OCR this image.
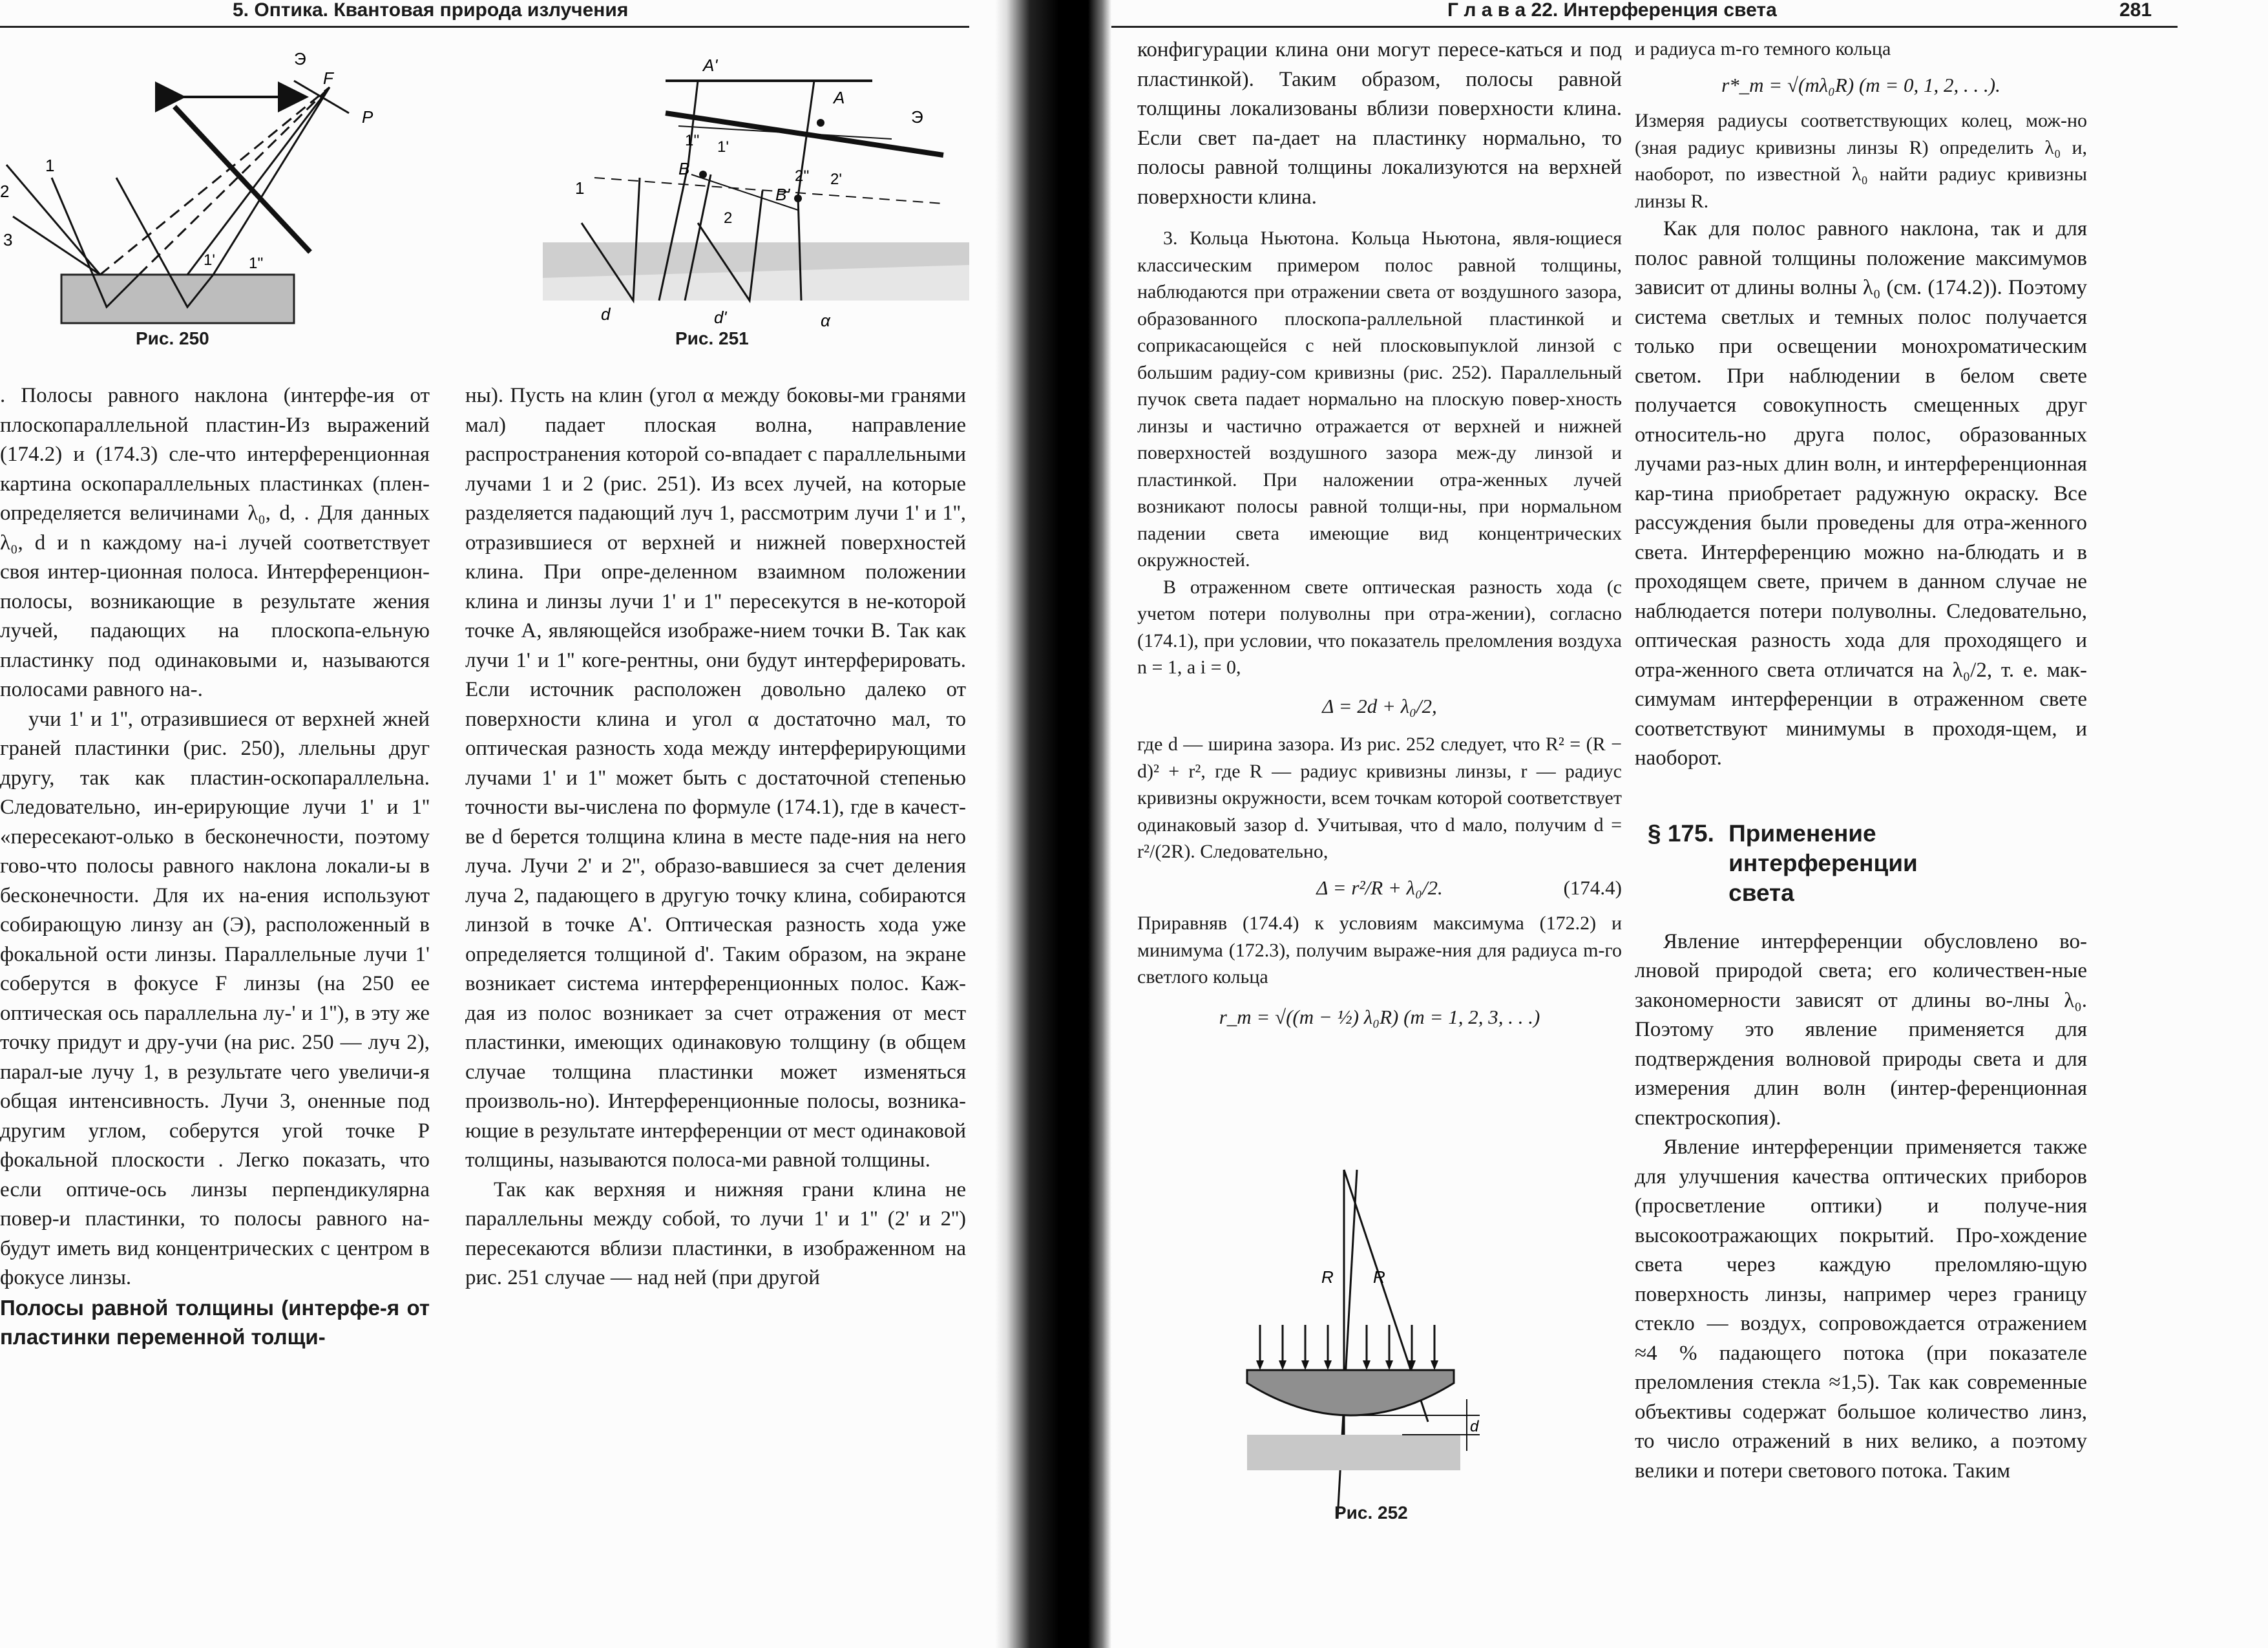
5. Оптика. Квантовая природа излучения
Э
F
P
1
2
3
1' 1''
Рис. 250
A'
A
Э
B
B'
1
1'' 1'
2
2'' 2'
d	d'	α
Рис. 251

. Полосы равного наклона (интерфе-ия от плоскопараллельной пластин-Из выражений (174.2) и (174.3) сле-что интерференционная картина оскопараллельных пластинках (плен-определяется величинами λ₀, d, . Для данных λ₀, d и n каждому на-i лучей соответствует своя интер-ционная полоса. Интерференцион-полосы, возникающие в результате жения лучей, падающих на плоскопа-ельную пластинку под одинаковыми и, называются полосами равного на-.

учи 1' и 1'', отразившиеся от верхней жней граней пластинки (рис. 250), ллельны друг другу, так как пластин-оскопараллельна. Следовательно, ин-ерирующие лучи 1' и 1'' «пересекают-олько в бесконечности, поэтому гово-что полосы равного наклона локали-ы в бесконечности. Для их на-ения используют собирающую линзу ан (Э), расположенный в фокальной ости линзы. Параллельные лучи 1' соберутся в фокусе F линзы (на 250 ее оптическая ось параллельна лу-' и 1''), в эту же точку придут и дру-учи (на рис. 250 — луч 2), парал-ые лучу 1, в результате чего увеличи-я общая интенсивность. Лучи 3, оненные под другим углом, соберутся угой точке P фокальной плоскости . Легко показать, что если оптиче-ось линзы перпендикулярна повер-и пластинки, то полосы равного на-будут иметь вид концентрических с центром в фокусе линзы.

Полосы равной толщины (интерфе-я от пластинки переменной толщи-

ны). Пусть на клин (угол α между боковы-ми гранями мал) падает плоская волна, направление распространения которой со-впадает с параллельными лучами 1 и 2 (рис. 251). Из всех лучей, на которые разделяется падающий луч 1, рассмотрим лучи 1' и 1'', отразившиеся от верхней и нижней поверхностей клина. При опре-деленном взаимном положении клина и линзы лучи 1' и 1'' пересекутся в не-которой точке A, являющейся изображе-нием точки B. Так как лучи 1' и 1'' коге-рентны, они будут интерферировать. Если источник расположен довольно далеко от поверхности клина и угол α достаточно мал, то оптическая разность хода между интерферирующими лучами 1' и 1'' может быть с достаточной степенью точности вы-числена по формуле (174.1), где в качест-ве d берется толщина клина в месте паде-ния на него луча. Лучи 2' и 2'', образо-вавшиеся за счет деления луча 2, падающего в другую точку клина, собираются линзой в точке A'. Оптическая разность хода уже определяется толщиной d'. Таким образом, на экране возникает система интерференционных полос. Каж-дая из полос возникает за счет отражения от мест пластинки, имеющих одинаковую толщину (в общем случае толщина пластинки может изменяться произволь-но). Интерференционные полосы, возника-ющие в результате интерференции от мест одинаковой толщины, называются полоса-ми равной толщины.

Так как верхняя и нижняя грани клина не параллельны между собой, то лучи 1' и 1'' (2' и 2'') пересекаются вблизи пластинки, в изображенном на рис. 251 случае — над ней (при другой

Г л а в а 22. Интерференция света	281

конфигурации клина они могут пересе-каться и под пластинкой). Таким образом, полосы равной толщины локализованы вблизи поверхности клина. Если свет па-дает на пластинку нормально, то полосы равной толщины локализуются на верхней поверхности клина.

3. Кольца Ньютона. Кольца Ньютона, явля-ющиеся классическим примером полос равной толщины, наблюдаются при отражении света от воздушного зазора, образованного плоскопа-раллельной пластинкой и соприкасающейся с ней плосковыпуклой линзой с большим радиу-сом кривизны (рис. 252). Параллельный пучок света падает нормально на плоскую повер-хность линзы и частично отражается от верхней и нижней поверхностей воздушного зазора меж-ду линзой и пластинкой. При наложении отра-женных лучей возникают полосы равной толщи-ны, при нормальном падении света имеющие вид концентрических окружностей.

В отраженном свете оптическая разность хода (с учетом потери полуволны при отра-жении), согласно (174.1), при условии, что показатель преломления воздуха n = 1, а i = 0,

Δ = 2d + λ₀/2,

где d — ширина зазора. Из рис. 252 следует, что R² = (R − d)² + r², где R — радиус кривизны линзы, r — радиус кривизны окружности, всем точкам которой соответствует одинаковый зазор d. Учитывая, что d мало, получим d = r²/(2R). Следовательно,

Δ = r²/R + λ₀/2.	(174.4)

Приравняв (174.4) к условиям максимума (172.2) и минимума (172.3), получим выраже-ния для радиуса m-го светлого кольца

r_m = √((m − ½) λ₀R) (m = 1, 2, 3, . . .)
R R
d
Рис. 252

и радиуса m-го темного кольца

r*_m = √(mλ₀R) (m = 0, 1, 2, . . .).

Измеряя радиусы соответствующих колец, мож-но (зная радиус кривизны линзы R) определить λ₀ и, наоборот, по известной λ₀ найти радиус кривизны линзы R.

Как для полос равного наклона, так и для полос равной толщины положение максимумов зависит от длины волны λ₀ (см. (174.2)). Поэтому система светлых и темных полос получается только при освещении монохроматическим светом. При наблюдении в белом свете получается совокупность смещенных друг относитель-но друга полос, образованных лучами раз-ных длин волн, и интерференционная кар-тина приобретает радужную окраску. Все рассуждения были проведены для отра-женного света. Интерференцию можно на-блюдать и в проходящем свете, причем в данном случае не наблюдается потери полуволны. Следовательно, оптическая разность хода для проходящего и отра-женного света отличатся на λ₀/2, т. е. мак-симумам интерференции в отраженном свете соответствуют минимумы в проходя-щем, и наоборот.

§ 175. Применение интерференции света

Явление интерференции обусловлено во-лновой природой света; его количествен-ные закономерности зависят от длины во-лны λ₀. Поэтому это явление применяется для подтверждения волновой природы света и для измерения длин волн (интер-ференционная спектроскопия).

Явление интерференции применяется также для улучшения качества оптических приборов (просветление оптики) и получе-ния высокоотражающих покрытий. Про-хождение света через каждую преломляю-щую поверхность линзы, например через границу стекло — воздух, сопровождается отражением ≈4 % падающего потока (при показателе преломления стекла ≈1,5). Так как современные объективы содержат большое количество линз, то число отражений в них велико, а поэтому велики и потери светового потока. Таким
